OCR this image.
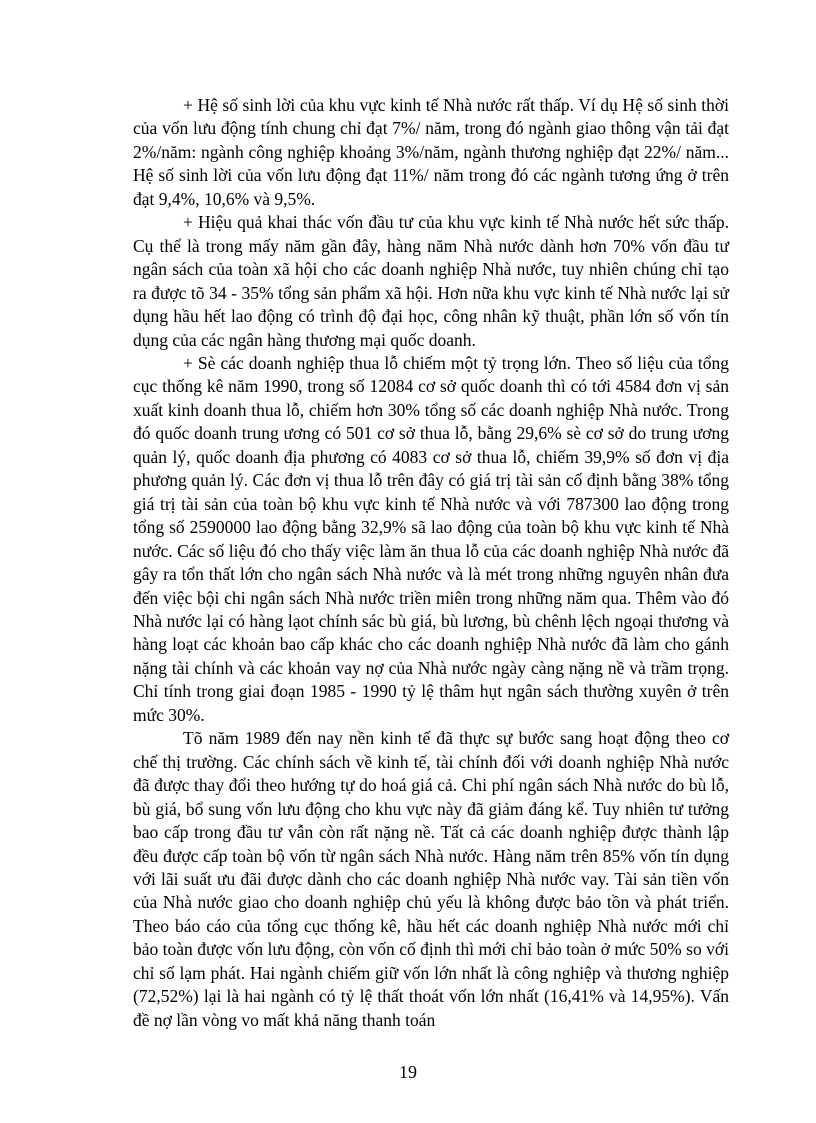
+ Hệ số sinh lời của khu vực kinh tế Nhà nước rất thấp. Ví dụ Hệ số sinh thời của vốn lưu động tính chung chỉ đạt 7%/ năm, trong đó ngành giao thông vận tải đạt 2%/năm: ngành công nghiệp khoảng 3%/năm, ngành thương nghiệp đạt 22%/ năm... Hệ số sinh lời của vốn lưu động đạt 11%/ năm trong đó các ngành tương ứng ở trên đạt 9,4%, 10,6% và 9,5%.

+ Hiệu quả khai thác vốn đầu tư của khu vực kinh tế Nhà nước hết sức thấp. Cụ thể là trong mấy năm gần đây, hàng năm Nhà nước dành hơn 70% vốn đầu tư ngân sách của toàn xã hội cho các doanh nghiệp Nhà nước, tuy nhiên chúng chỉ tạo ra được tõ 34 - 35% tổng sản phẩm xã hội. Hơn nữa khu vực kinh tế Nhà nước lại sử dụng hầu hết lao động có trình độ đại học, công nhân kỹ thuật, phần lớn số vốn tín dụng của các ngân hàng thương mại quốc doanh.

+ Sè các doanh nghiệp thua lỗ chiếm một tỷ trọng lớn. Theo số liệu của tổng cục thống kê năm 1990, trong số 12084 cơ sở quốc doanh thì có tới 4584 đơn vị sản xuất kinh doanh thua lỗ, chiếm hơn 30% tổng số các doanh nghiệp Nhà nước. Trong đó quốc doanh trung ương có 501 cơ sở thua lỗ, bằng 29,6% sè cơ sở do trung ương quản lý, quốc doanh địa phương có 4083 cơ sở thua lỗ, chiếm 39,9% số đơn vị địa phương quản lý. Các đơn vị thua lỗ trên đây có giá trị tài sản cố định bằng 38% tổng giá trị tài sản của toàn bộ khu vực kinh tế Nhà nước và với 787300 lao động trong tổng số 2590000 lao động bằng 32,9% sã lao động của toàn bộ khu vực kinh tế Nhà nước. Các số liệu đó cho thấy việc làm ăn thua lỗ của các doanh nghiệp Nhà nước đã gây ra tổn thất lớn cho ngân sách Nhà nước và là mét trong những nguyên nhân đưa đến việc bội chi ngân sách Nhà nước triền miên trong những năm qua. Thêm vào đó Nhà nước lại có hàng lạot chính sác bù giá, bù lương, bù chênh lệch ngoại thương và hàng loạt các khoản bao cấp khác cho các doanh nghiệp Nhà nước đã làm cho gánh nặng tài chính và các khoản vay nợ của Nhà nước ngày càng nặng nề và trầm trọng. Chỉ tính trong giai đoạn 1985 - 1990 tỷ lệ thâm hụt ngân sách thường xuyên ở trên mức 30%.

Tõ năm 1989 đến nay nền kinh tế đã thực sự bước sang hoạt động theo cơ chế thị trường. Các chính sách về kinh tế, tài chính đối với doanh nghiệp Nhà nước đã được thay đổi theo hướng tự do hoá giá cả. Chi phí ngân sách Nhà nước do bù lỗ, bù giá, bổ sung vốn lưu động cho khu vực này đã giảm đáng kể. Tuy nhiên tư tưởng bao cấp trong đầu tư vẫn còn rất nặng nề. Tất cả các doanh nghiệp được thành lập đều được cấp toàn bộ vốn từ ngân sách Nhà nước. Hàng năm trên 85% vốn tín dụng với lãi suất ưu đãi được dành cho các doanh nghiệp Nhà nước vay. Tài sản tiền vốn của Nhà nước giao cho doanh nghiệp chủ yếu là không được bảo tồn và phát triển. Theo báo cáo của tổng cục thống kê, hầu hết các doanh nghiệp Nhà nước mới chỉ bảo toàn được vốn lưu động, còn vốn cố định thì mới chỉ bảo toàn ở mức 50% so với chỉ số lạm phát. Hai ngành chiếm giữ vốn lớn nhất là công nghiệp và thương nghiệp (72,52%) lại là hai ngành có tỷ lệ thất thoát vốn lớn nhất (16,41% và 14,95%). Vấn đề nợ lần vòng vo mất khả năng thanh toán

19
